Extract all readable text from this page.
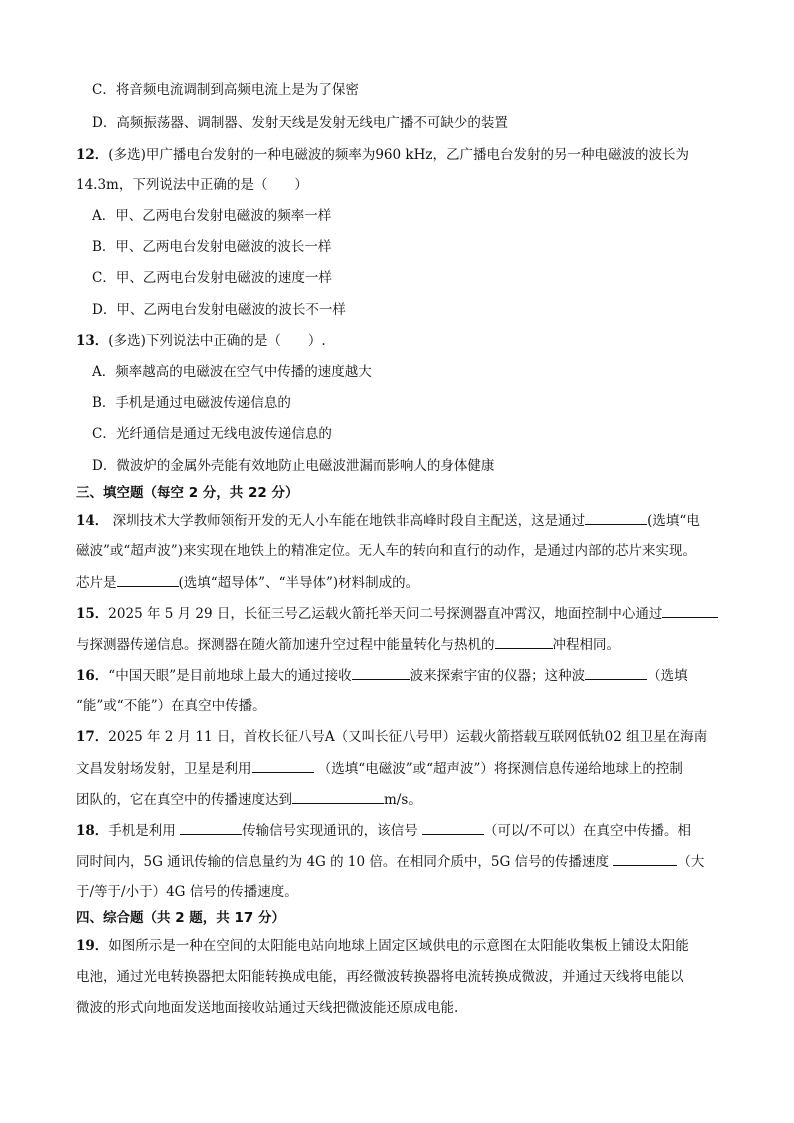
C．将音频电流调制到高频电流上是为了保密
D．高频振荡器、调制器、发射天线是发射无线电广播不可缺少的装置
12．(多选)甲广播电台发射的一种电磁波的频率为960 kHz，乙广播电台发射的另一种电磁波的波长为
14.3m，下列说法中正确的是（　　）
A．甲、乙两电台发射电磁波的频率一样
B．甲、乙两电台发射电磁波的波长一样
C．甲、乙两电台发射电磁波的速度一样
D．甲、乙两电台发射电磁波的波长不一样
13．(多选)下列说法中正确的是（　　）.
A．频率越高的电磁波在空气中传播的速度越大
B．手机是通过电磁波传递信息的
C．光纤通信是通过无线电波传递信息的
D．微波炉的金属外壳能有效地防止电磁波泄漏而影响人的身体健康
三、填空题（每空 2 分，共 22 分）
14． 深圳技术大学教师领衔开发的无人小车能在地铁非高峰时段自主配送，这是通过	(选填“电
磁波”或“超声波”)来实现在地铁上的精准定位。无人车的转向和直行的动作，是通过内部的芯片来实现。
芯片是	(选填“超导体”、“半导体”)材料制成的。
15．2025 年 5 月 29 日，长征三号乙运载火箭托举天问二号探测器直冲霄汉，地面控制中心通过
与探测器传递信息。探测器在随火箭加速升空过程中能量转化与热机的	冲程相同。
16．“中国天眼”是目前地球上最大的通过接收	波来探索宇宙的仪器；这种波	（选填
“能”或“不能”）在真空中传播。
17．2025 年 2 月 11 日，首枚长征八号A（又叫长征八号甲）运载火箭搭载互联网低轨02 组卫星在海南
文昌发射场发射，卫星是利用	（选填“电磁波”或“超声波”）将探测信息传递给地球上的控制
团队的，它在真空中的传播速度达到	m/s。
18．手机是利用	传输信号实现通讯的，该信号	（可以/不可以）在真空中传播。相
同时间内，5G 通讯传输的信息量约为 4G 的 10 倍。在相同介质中，5G 信号的传播速度	（大
于/等于/小于）4G 信号的传播速度。
四、综合题（共 2 题，共 17 分）
19．如图所示是一种在空间的太阳能电站向地球上固定区域供电的示意图在太阳能收集板上铺设太阳能
电池，通过光电转换器把太阳能转换成电能，再经微波转换器将电流转换成微波，并通过天线将电能以
微波的形式向地面发送地面接收站通过天线把微波能还原成电能.
